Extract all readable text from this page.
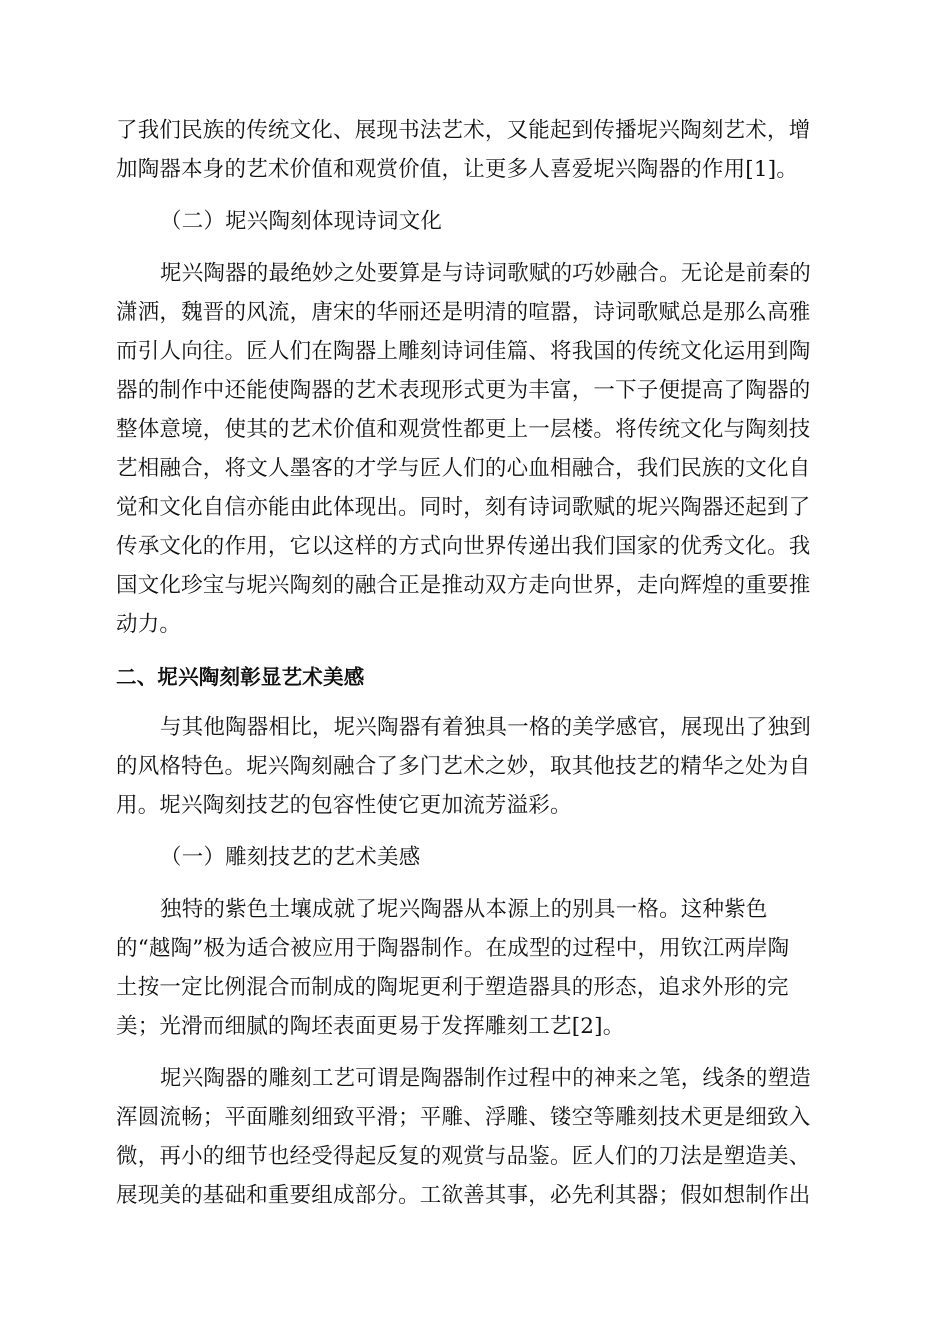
了我们民族的传统文化、展现书法艺术，又能起到传播坭兴陶刻艺术，增
加陶器本身的艺术价值和观赏价值，让更多人喜爱坭兴陶器的作用[1]。
（二）坭兴陶刻体现诗词文化
坭兴陶器的最绝妙之处要算是与诗词歌赋的巧妙融合。无论是前秦的
潇洒，魏晋的风流，唐宋的华丽还是明清的喧嚣，诗词歌赋总是那么高雅
而引人向往。匠人们在陶器上雕刻诗词佳篇、将我国的传统文化运用到陶
器的制作中还能使陶器的艺术表现形式更为丰富，一下子便提高了陶器的
整体意境，使其的艺术价值和观赏性都更上一层楼。将传统文化与陶刻技
艺相融合，将文人墨客的才学与匠人们的心血相融合，我们民族的文化自
觉和文化自信亦能由此体现出。同时，刻有诗词歌赋的坭兴陶器还起到了
传承文化的作用，它以这样的方式向世界传递出我们国家的优秀文化。我
国文化珍宝与坭兴陶刻的融合正是推动双方走向世界，走向辉煌的重要推
动力。
二、坭兴陶刻彰显艺术美感
与其他陶器相比，坭兴陶器有着独具一格的美学感官，展现出了独到
的风格特色。坭兴陶刻融合了多门艺术之妙，取其他技艺的精华之处为自
用。坭兴陶刻技艺的包容性使它更加流芳溢彩。
（一）雕刻技艺的艺术美感
独特的紫色土壤成就了坭兴陶器从本源上的别具一格。这种紫色
的“越陶”极为适合被应用于陶器制作。在成型的过程中，用钦江两岸陶
土按一定比例混合而制成的陶坭更利于塑造器具的形态，追求外形的完
美；光滑而细腻的陶坯表面更易于发挥雕刻工艺[2]。
坭兴陶器的雕刻工艺可谓是陶器制作过程中的神来之笔，线条的塑造
浑圆流畅；平面雕刻细致平滑；平雕、浮雕、镂空等雕刻技术更是细致入
微，再小的细节也经受得起反复的观赏与品鉴。匠人们的刀法是塑造美、
展现美的基础和重要组成部分。工欲善其事，必先利其器；假如想制作出
